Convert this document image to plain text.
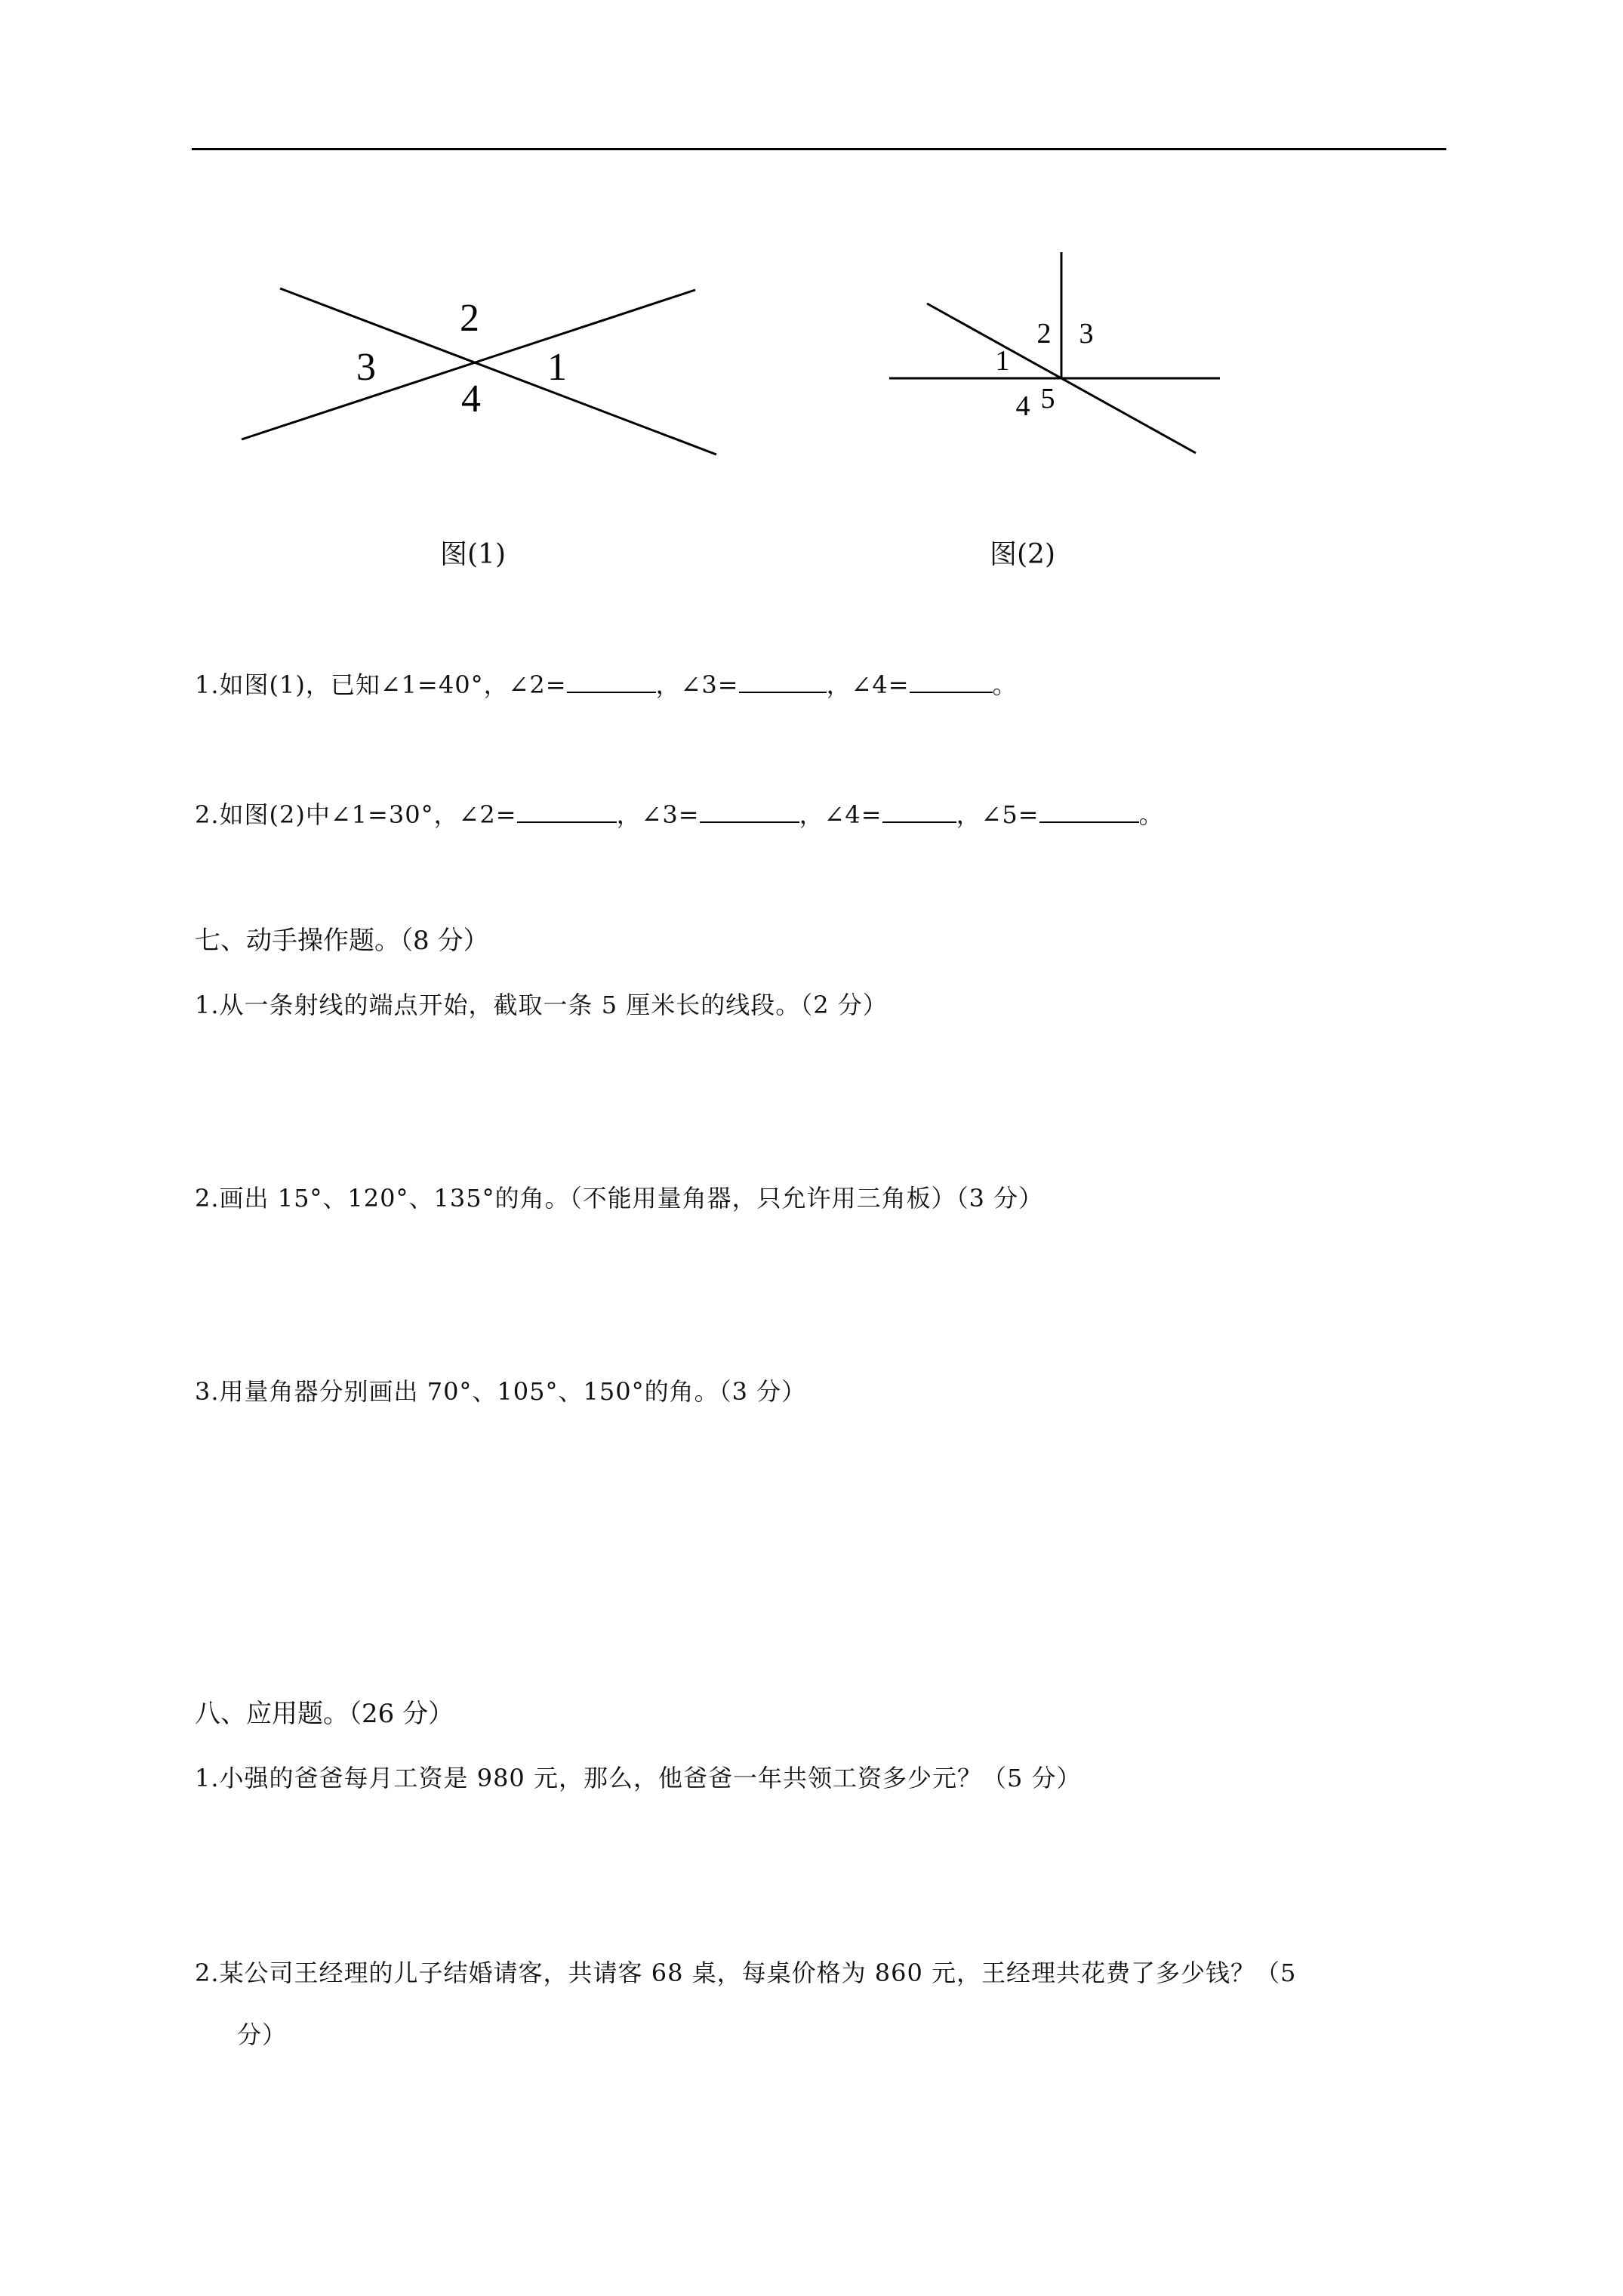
2
3	1
4
图(1)
2 3
1
4 5
图(2)
1.如图(1)，已知∠1=40°，∠2=	，∠3=	，∠4=	。
2.如图(2)中∠1=30°，∠2=	，∠3=	，∠4=	，∠5=	。
七、动手操作题。（8 分）
1.从一条射线的端点开始，截取一条 5 厘米长的线段。（2 分）
2.画出 15°、120°、135°的角。（不能用量角器，只允许用三角板）（3 分）
3.用量角器分别画出 70°、105°、150°的角。（3 分）
八、应用题。（26 分）
1.小强的爸爸每月工资是 980 元，那么，他爸爸一年共领工资多少元？（5 分）
2.某公司王经理的儿子结婚请客，共请客 68 桌，每桌价格为 860 元，王经理共花费了多少钱？（5
分）
